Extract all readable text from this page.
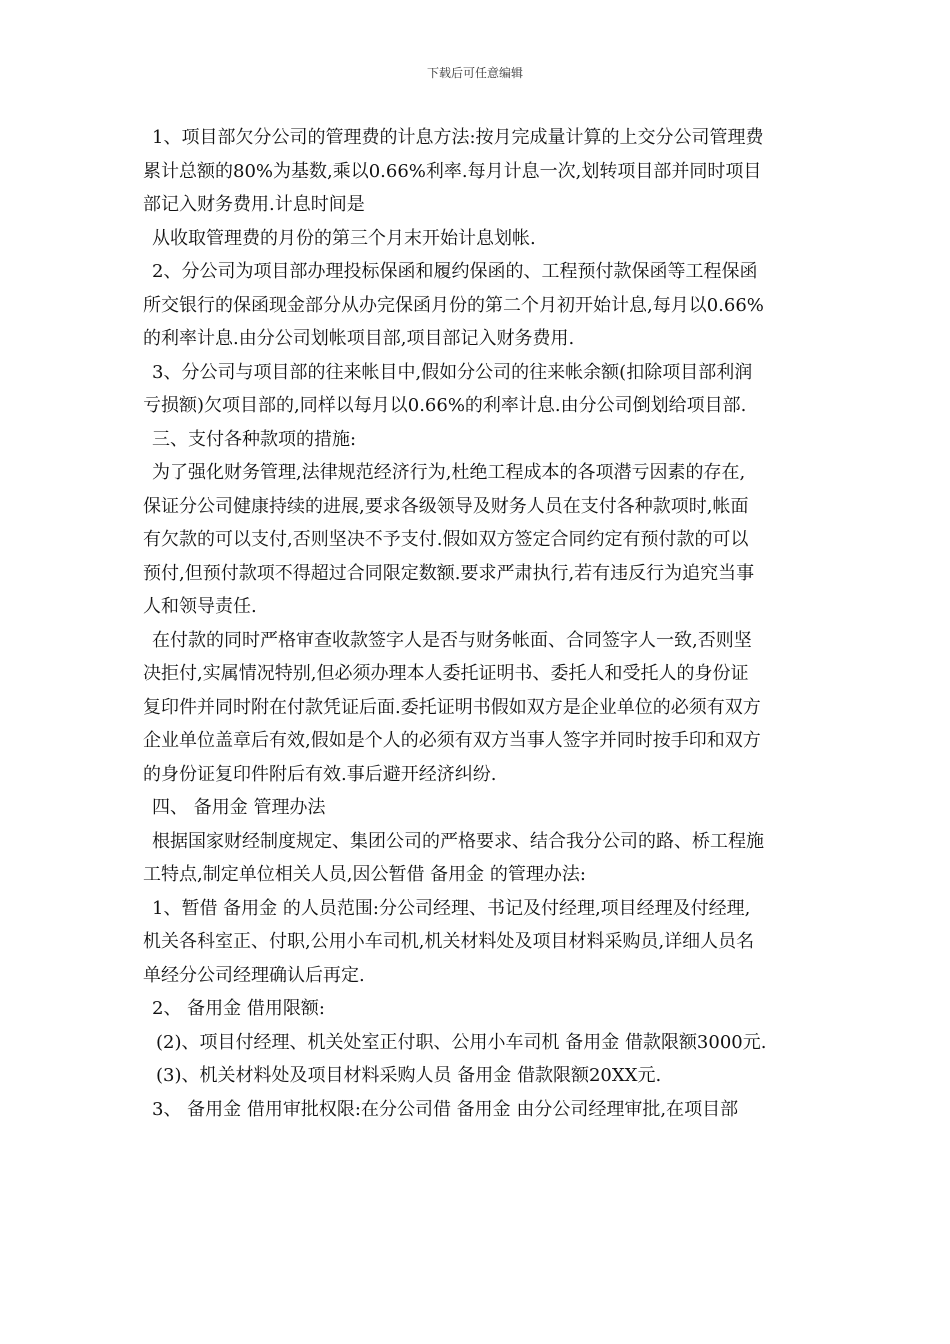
下载后可任意编辑
1、项目部欠分公司的管理费的计息方法:按月完成量计算的上交分公司管理费
累计总额的80%为基数,乘以0.66%利率.每月计息一次,划转项目部并同时项目
部记入财务费用.计息时间是
从收取管理费的月份的第三个月末开始计息划帐.
2、分公司为项目部办理投标保函和履约保函的、工程预付款保函等工程保函
所交银行的保函现金部分从办完保函月份的第二个月初开始计息,每月以0.66%
的利率计息.由分公司划帐项目部,项目部记入财务费用.
3、分公司与项目部的往来帐目中,假如分公司的往来帐余额(扣除项目部利润
亏损额)欠项目部的,同样以每月以0.66%的利率计息.由分公司倒划给项目部.
三、支付各种款项的措施:
为了强化财务管理,法律规范经济行为,杜绝工程成本的各项潜亏因素的存在,
保证分公司健康持续的进展,要求各级领导及财务人员在支付各种款项时,帐面
有欠款的可以支付,否则坚决不予支付.假如双方签定合同约定有预付款的可以
预付,但预付款项不得超过合同限定数额.要求严肃执行,若有违反行为追究当事
人和领导责任.
在付款的同时严格审查收款签字人是否与财务帐面、合同签字人一致,否则坚
决拒付,实属情况特别,但必须办理本人委托证明书、委托人和受托人的身份证
复印件并同时附在付款凭证后面.委托证明书假如双方是企业单位的必须有双方
企业单位盖章后有效,假如是个人的必须有双方当事人签字并同时按手印和双方
的身份证复印件附后有效.事后避开经济纠纷.
四、 备用金 管理办法
根据国家财经制度规定、集团公司的严格要求、结合我分公司的路、桥工程施
工特点,制定单位相关人员,因公暂借 备用金 的管理办法:
1、暂借 备用金 的人员范围:分公司经理、书记及付经理,项目经理及付经理,
机关各科室正、付职,公用小车司机,机关材料处及项目材料采购员,详细人员名
单经分公司经理确认后再定.
2、 备用金 借用限额:
(2)、项目付经理、机关处室正付职、公用小车司机 备用金 借款限额3000元.
(3)、机关材料处及项目材料采购人员 备用金 借款限额20XX元.
3、 备用金 借用审批权限:在分公司借 备用金 由分公司经理审批,在项目部
